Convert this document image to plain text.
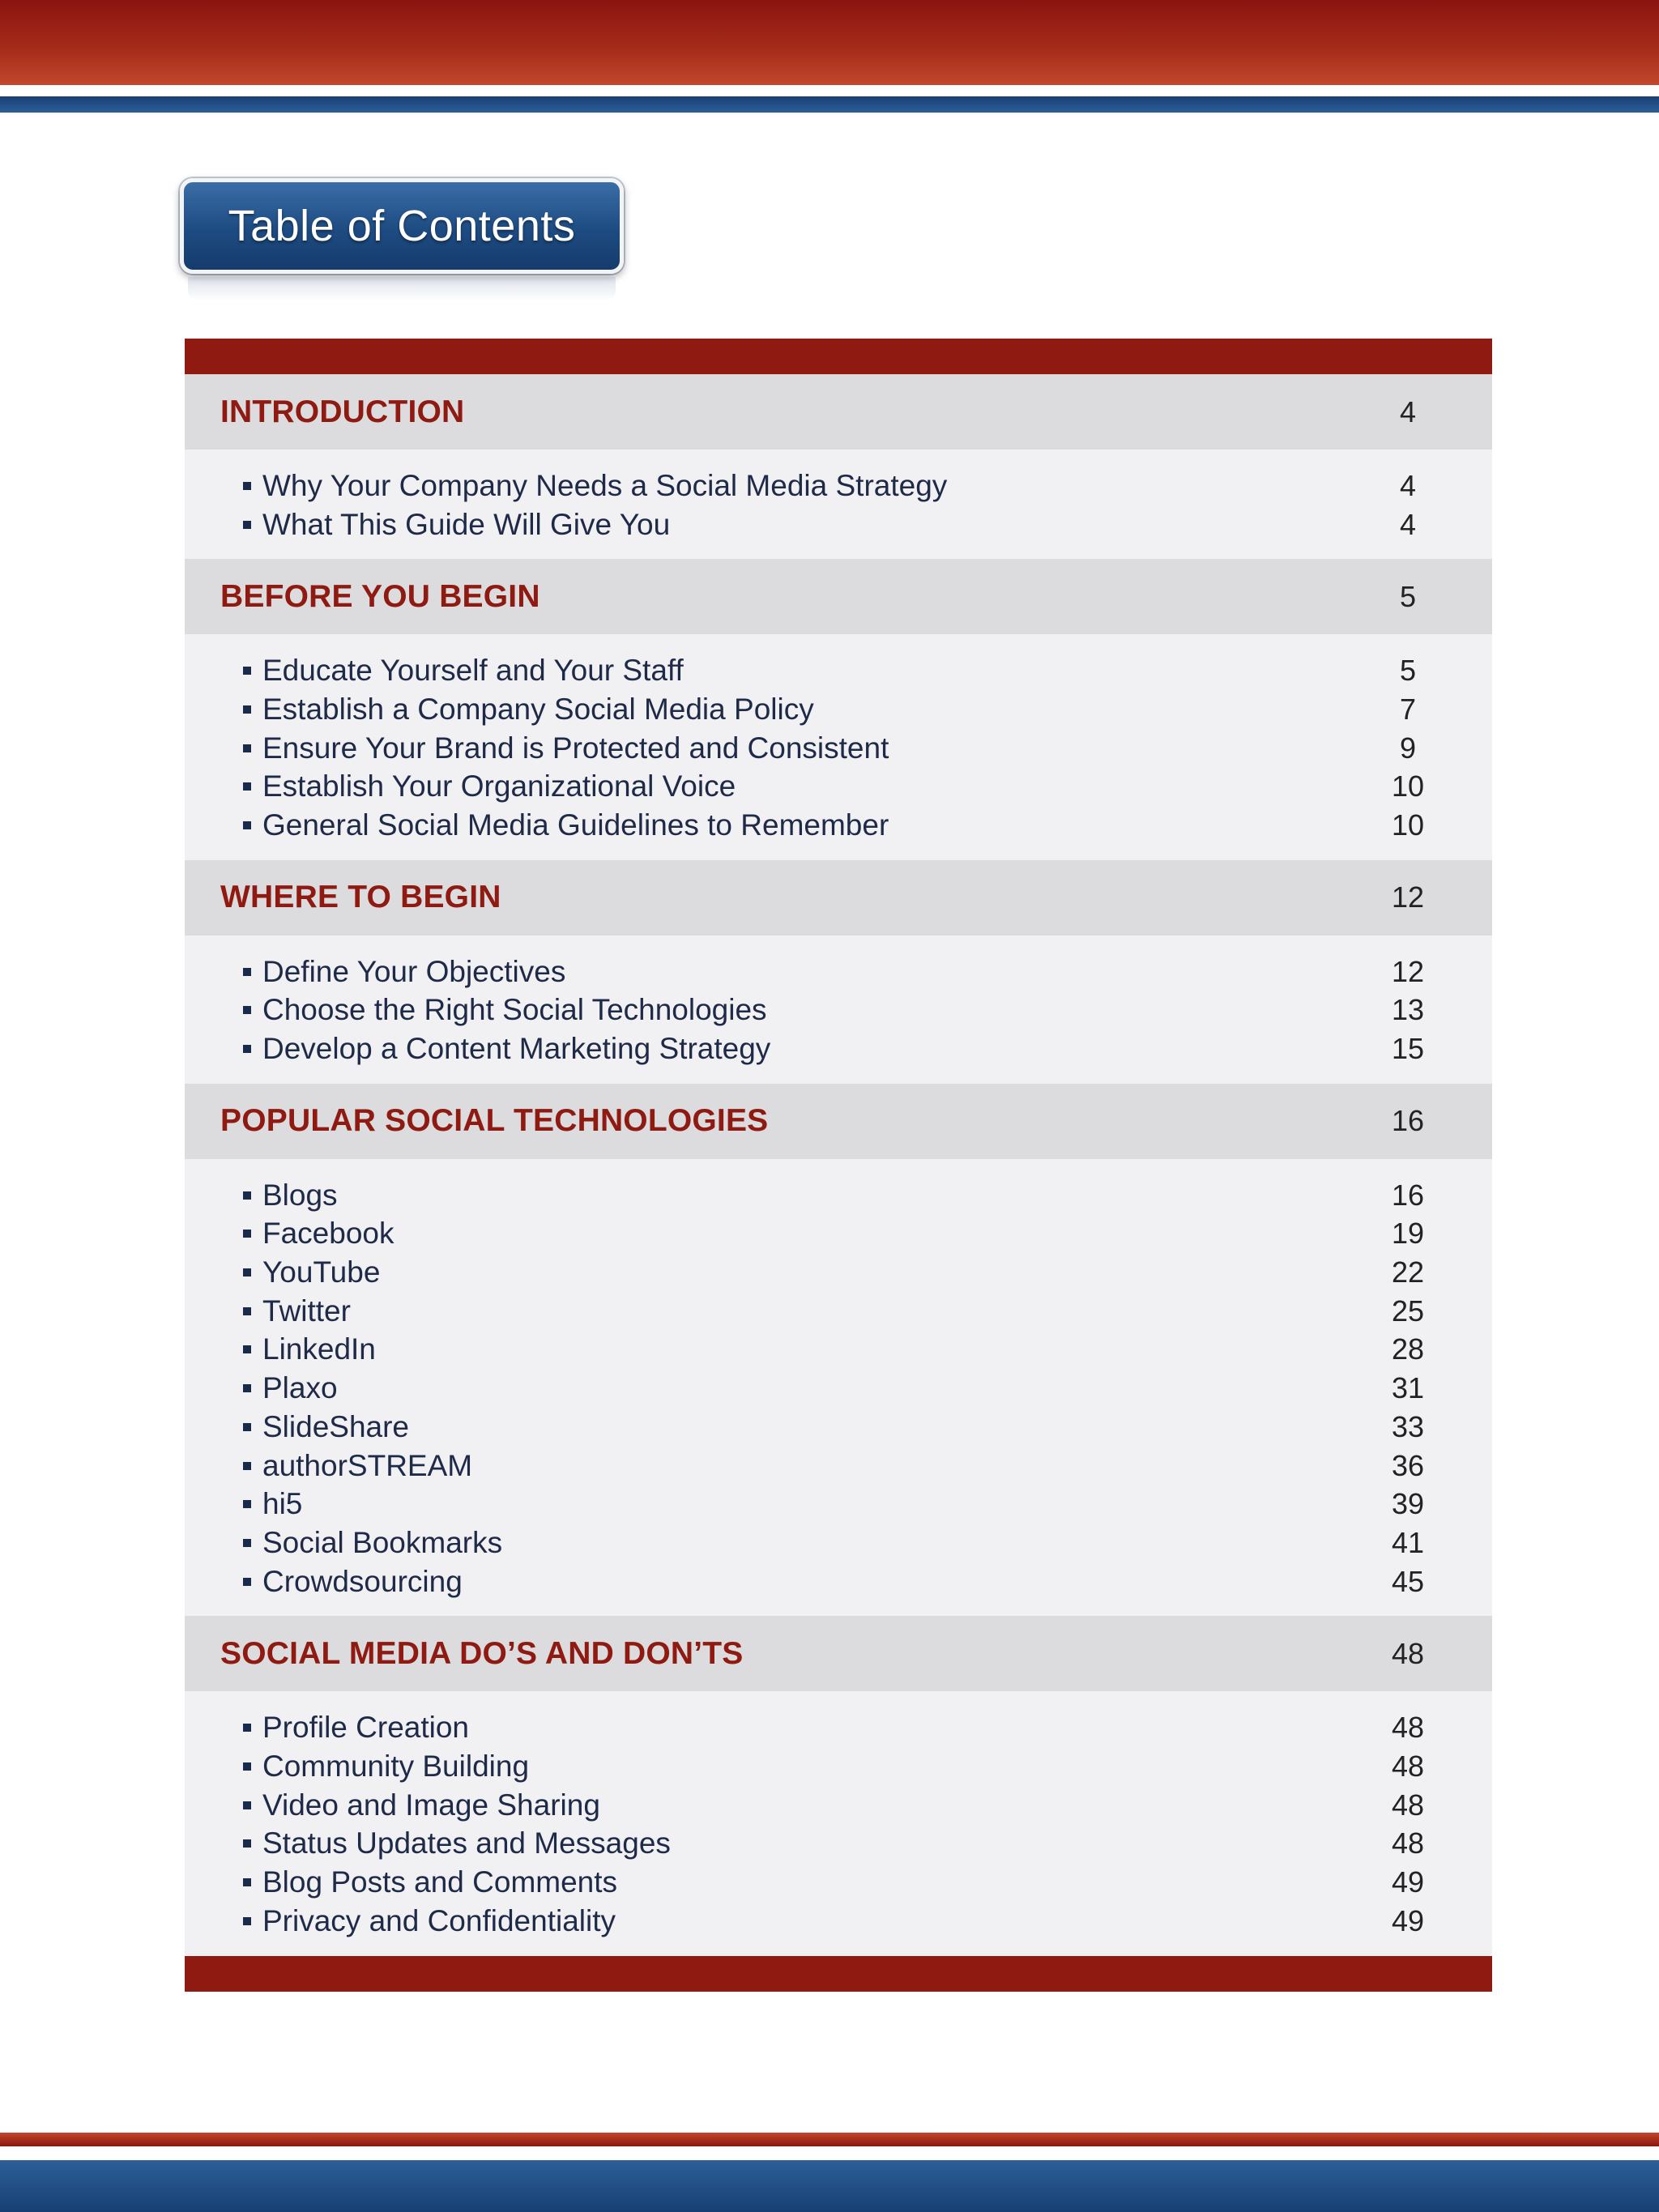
Table of Contents
INTRODUCTION	4
Why Your Company Needs a Social Media Strategy	4
What This Guide Will Give You	4
BEFORE YOU BEGIN	5
Educate Yourself and Your Staff	5
Establish a Company Social Media Policy	7
Ensure Your Brand is Protected and Consistent	9
Establish Your Organizational Voice	10
General Social Media Guidelines to Remember	10
WHERE TO BEGIN	12
Define Your Objectives	12
Choose the Right Social Technologies	13
Develop a Content Marketing Strategy	15
POPULAR SOCIAL TECHNOLOGIES	16
Blogs	16
Facebook	19
YouTube	22
Twitter	25
LinkedIn	28
Plaxo	31
SlideShare	33
authorSTREAM	36
hi5	39
Social Bookmarks	41
Crowdsourcing	45
SOCIAL MEDIA DO’S AND DON’TS	48
Profile Creation	48
Community Building	48
Video and Image Sharing	48
Status Updates and Messages	48
Blog Posts and Comments	49
Privacy and Confidentiality	49
